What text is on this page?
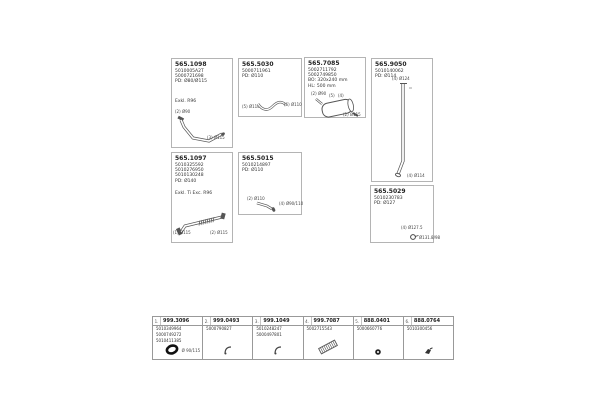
565.1098
5010005A2T
5000721698
PD: Ø80/Ø115
Exkl. R96
(2) Ø90
(3) Ø115
565.5030
5000711961
PD: Ø110
(5) Ø110	(6) Ø110
565.7085
5002711792
5002749850
BO: 320x240 mm
HL: 500 mm
(2) Ø90 (5) (4)
(2) Ø115
565.9050
5010140062
PD: Ø114
(4) Ø124
(4) Ø114
565.1097
5010325592
5010276950
5010130248
PD: Ø140
Exkl. Ti Exc. R96
(1) Ø115	(2) Ø115
565.5015
5010214897
PD: Ø110
(2) Ø110
(4) Ø90/110
565.5029
5010230783
PD: Ø127
(4) Ø127.5
Ø131.8/98
1. 999.3096
5010349964
5000749272
5010411385
Ø 90/115
2. 999.0493
5000790827
3. 999.1049
5010248247
5000497801
4. 999.7087
5002715543
5. 888.0401
5000660776
6. 888.0764
5010300456
